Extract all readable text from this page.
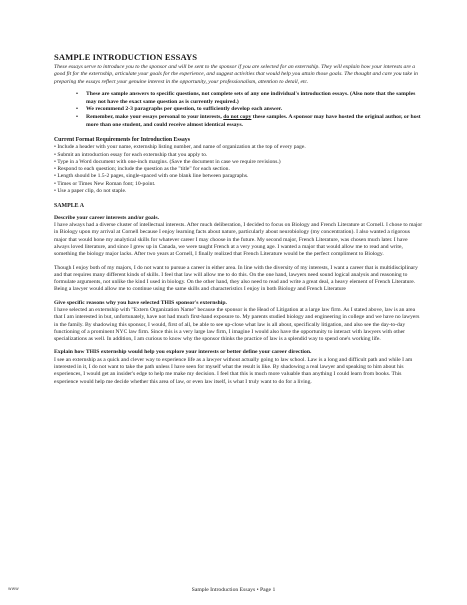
SAMPLE INTRODUCTION ESSAYS
These essays serve to introduce you to the sponsor and will be sent to the sponsor if you are selected for an externship. They will explain how your interests are a good fit for the externship, articulate your goals for the experience, and suggest activities that would help you attain those goals. The thought and care you take in preparing the essays reflect your genuine interest in the opportunity, your professionalism, attention to detail, etc.
• These are sample answers to specific questions, not complete sets of any one individual's introduction essays. (Also note that the samples may not have the exact same question as is currently required.)
• We recommend 2-3 paragraphs per question, to sufficiently develop each answer.
• Remember, make your essays personal to your interests, do not copy these samples. A sponsor may have hosted the original author, or host more than one student, and could receive almost identical essays.
Current Format Requirements for Introduction Essays
• Include a header with your name, externship listing number, and name of organization at the top of every page.
• Submit an introduction essay for each externship that you apply to.
• Type in a Word document with one-inch margins. (Save the document in case we require revisions.)
• Respond to each question; include the question as the "title" for each section.
• Length should be 1.5-2 pages, single-spaced with one blank line between paragraphs.
• Times or Times New Roman font; 10-point.
• Use a paper clip, do not staple.
SAMPLE A
Describe your career interests and/or goals.
I have always had a diverse cluster of intellectual interests. After much deliberation, I decided to focus on Biology and French Literature at Cornell. I chose to major in Biology upon my arrival at Cornell because I enjoy learning facts about nature, particularly about neurobiology (my concentration). I also wanted a rigorous major that would hone my analytical skills for whatever career I may choose in the future. My second major, French Literature, was chosen much later. I have always loved literature, and since I grew up in Canada, we were taught French at a very young age. I wanted a major that would allow me to read and write, something the biology major lacks. After two years at Cornell, I finally realized that French Literature would be the perfect compliment to Biology.
Though I enjoy both of my majors, I do not want to pursue a career in either area. In line with the diversity of my interests, I want a career that is multidisciplinary and that requires many different kinds of skills. I feel that law will allow me to do this. On the one hand, lawyers need sound logical analysis and reasoning to formulate arguments, not unlike the kind I used in biology. On the other hand, they also need to read and write a great deal, a heavy element of French Literature. Being a lawyer would allow me to continue using the same skills and characteristics I enjoy in both Biology and French Literature
Give specific reasons why you have selected THIS sponsor's externship.
I have selected an externship with "Extern Organization Name" because the sponsor is the Head of Litigation at a large law firm. As I stated above, law is an area that I am interested in but, unfortunately, have not had much first-hand exposure to. My parents studied biology and engineering in college and we have no lawyers in the family. By shadowing this sponsor, I would, first of all, be able to see up-close what law is all about, specifically litigation, and also see the day-to-day functioning of a prominent NYC law firm. Since this is a very large law firm, I imagine I would also have the opportunity to interact with lawyers with other specializations as well. In addition, I am curious to know why the sponsor thinks the practice of law is a splendid way to spend one's working life.
Explain how THIS externship would help you explore your interests or better define your career direction.
I see an externship as a quick and clever way to experience life as a lawyer without actually going to law school. Law is a long and difficult path and while I am interested in it, I do not want to take the path unless I have seen for myself what the result is like. By shadowing a real lawyer and speaking to him about his experiences, I would get an insider's edge to help me make my decision. I feel that this is much more valuable than anything I could learn from books. This experience would help me decide whether this area of law, or even law itself, is what I truly want to do for a living.
www	Sample Introduction Essays • Page 1
